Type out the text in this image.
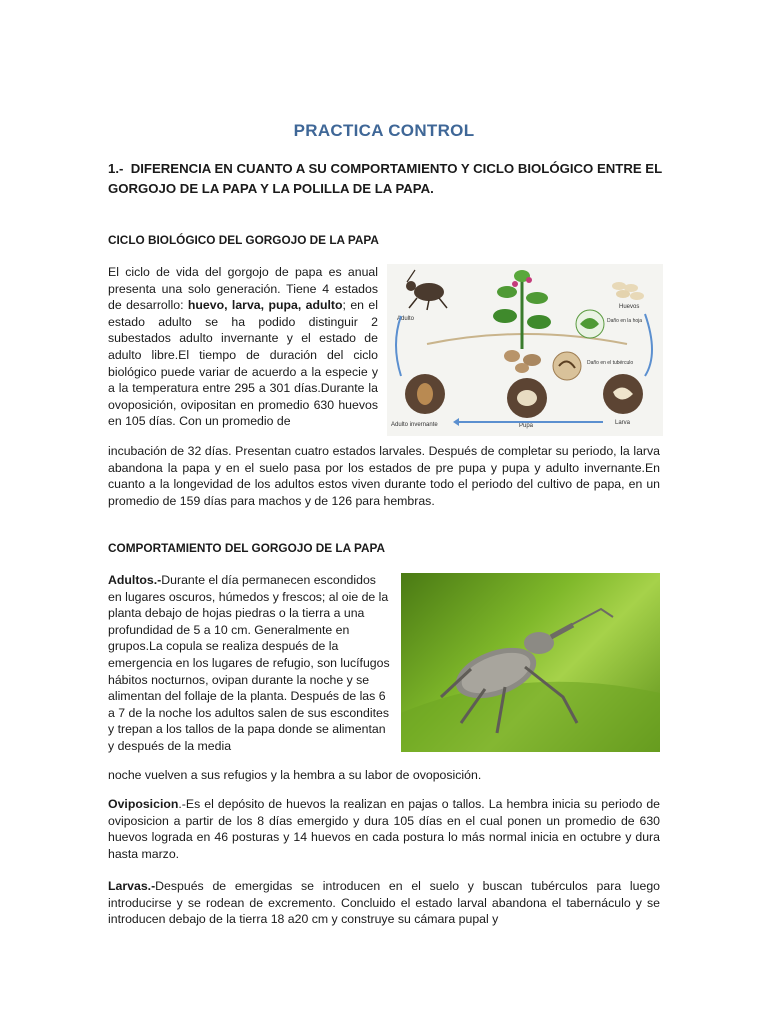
PRACTICA CONTROL
1.- DIFERENCIA EN CUANTO A SU COMPORTAMIENTO Y CICLO BIOLÓGICO ENTRE EL GORGOJO DE LA PAPA Y LA POLILLA DE LA PAPA.
CICLO BIOLÓGICO DEL GORGOJO DE LA PAPA
El ciclo de vida del gorgojo de papa es anual presenta una solo generación. Tiene 4 estados de desarrollo: huevo, larva, pupa, adulto; en el estado adulto se ha podido distinguir 2 subestados adulto invernante y el estado de adulto libre.El tiempo de duración del ciclo biológico puede variar de acuerdo a la especie y a la temperatura entre 295 a 301 días.Durante la ovoposición, ovipositan en promedio 630 huevos en 105 días. Con un promedio de
incubación de 32 días. Presentan cuatro estados larvales. Después de completar su periodo, la larva abandona la papa y en el suelo pasa por los estados de pre pupa y pupa y adulto invernante.En cuanto a la longevidad de los adultos estos viven durante todo el periodo del cultivo de papa, en un promedio de 159 días para machos y de 126 para hembras.
Adulto
Huevos
Daño en la hoja
Daño en el tubérculo
Adulto invernante	Pupa	Larva
COMPORTAMIENTO DEL GORGOJO DE LA PAPA
Adultos.-Durante el día permanecen escondidos en lugares oscuros, húmedos y frescos; al oie de la planta debajo de hojas piedras o la tierra a una profundidad de 5 a 10 cm. Generalmente en grupos.La copula se realiza después de la emergencia en los lugares de refugio, son lucífugos hábitos nocturnos, ovipan durante la noche y se alimentan del follaje de la planta. Después de las 6 a 7 de la noche los adultos salen de sus escondites y trepan a los tallos de la papa donde se alimentan y después de la media
noche vuelven a sus refugios y la hembra a su labor de ovoposición.
Oviposicion.-Es el depósito de huevos la realizan en pajas o tallos. La hembra inicia su periodo de oviposicion a partir de los 8 días emergido y dura 105 días en el cual ponen un promedio de 630 huevos lograda en 46 posturas y 14 huevos en cada postura lo más normal inicia en octubre y dura hasta marzo.
Larvas.-Después de emergidas se introducen en el suelo y buscan tubérculos para luego introducirse y se rodean de excremento. Concluido el estado larval abandona el tabernáculo y se introducen debajo de la tierra 18 a20 cm y construye su cámara pupal y
